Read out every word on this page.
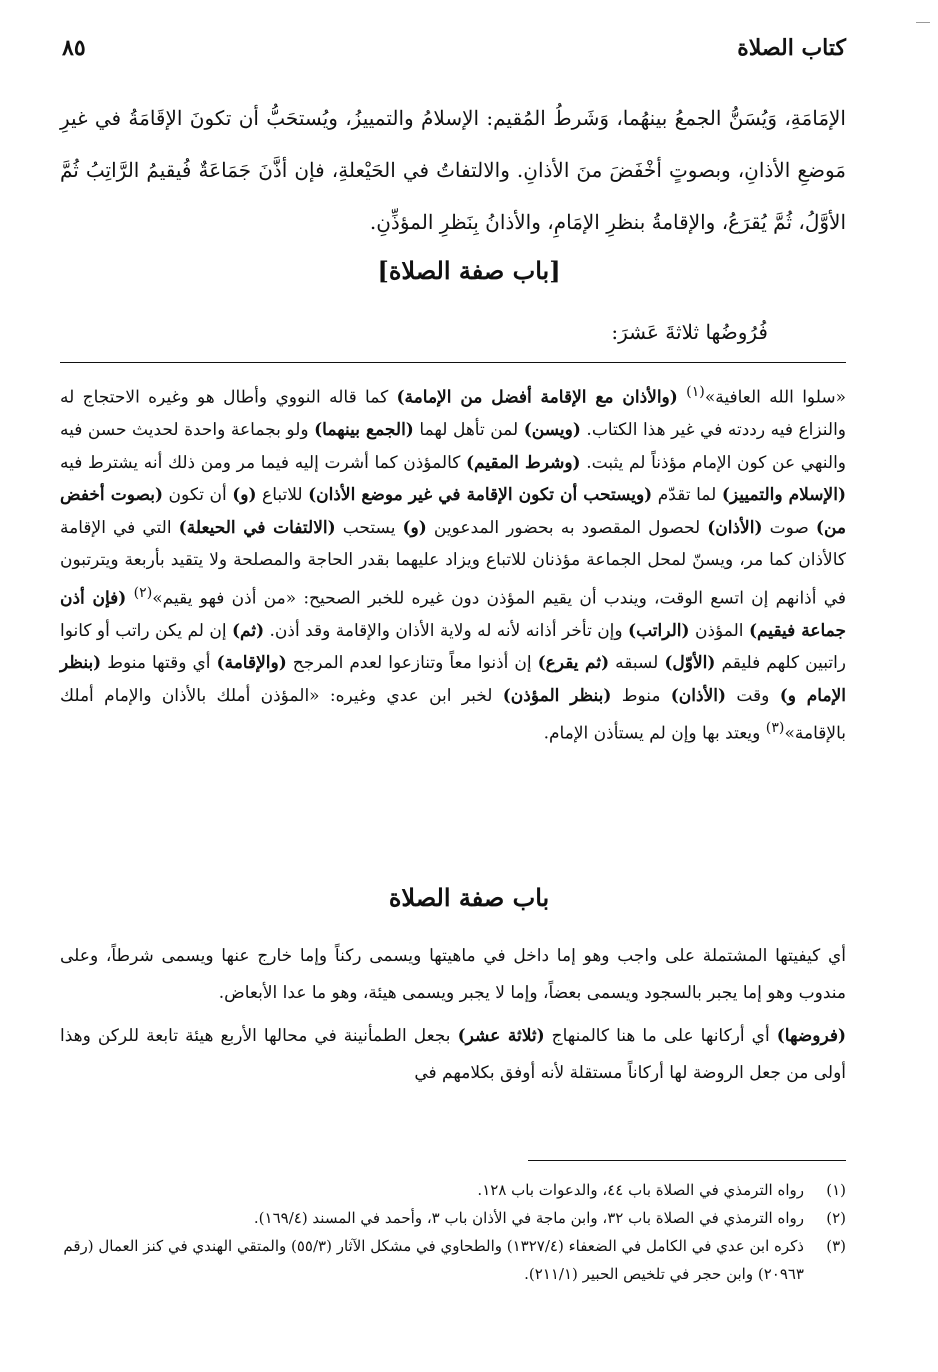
٨٥	كتاب الصلاة
الإمَامَةِ، وَيُسَنُّ الجمعُ بينهُما، وَشَرطُ المُقيم: الإسلامُ والتمييزُ، ويُستحَبُّ أن تكونَ الإقَامَةُ في غيرِ مَوضعِ الأذانِ، وبصوتٍ أخْفَضَ منَ الأذانِ. والالتفاتُ في الحَيْعلةِ، فإن أذَّنَ جَمَاعَةٌ فُيقيمُ الرَّاتِبُ ثُمَّ الأوَّلُ، ثُمَّ يُقرَعُ، والإقامةُ بنظرِ الإمَامِ، والأذانُ بِنَظرِ المؤذِّنِ.
[باب صفة الصلاة]
فُرُوضُها ثلاثةَ عَشرَ:
«سلوا الله العافية»$^{(١)}$ (والأذان مع الإقامة أفضل من الإمامة) كما قاله النووي وأطال هو وغيره الاحتجاج له والنزاع فيه رددته في غير هذا الكتاب. (ويسن) لمن تأهل لهما (الجمع بينهما) ولو بجماعة واحدة لحديث حسن فيه والنهي عن كون الإمام مؤذناً لم يثبت. (وشرط المقيم) كالمؤذن كما أشرت إليه فيما مر ومن ذلك أنه يشترط فيه (الإسلام والتمييز) لما تقدّم (ويستحب أن تكون الإقامة في غير موضع الأذان) للاتباع (و) أن تكون (بصوت أخفض من) صوت (الأذان) لحصول المقصود به بحضور المدعوين (و) يستحب (الالتفات في الحيعلة) التي في الإقامة كالأذان كما مر، ويسنّ لمحل الجماعة مؤذنان للاتباع ويزاد عليهما بقدر الحاجة والمصلحة ولا يتقيد بأربعة ويترتبون في أذانهم إن اتسع الوقت، ويندب أن يقيم المؤذن دون غيره للخبر الصحيح: «من أذن فهو يقيم»$^{(٢)}$ (فإن أذن جماعة فيقيم) المؤذن (الراتب) وإن تأخر أذانه لأنه له ولاية الأذان والإقامة وقد أذن. (ثم) إن لم يكن راتب أو كانوا راتبين كلهم فليقم (الأوّل) لسبقه (ثم يقرع) إن أذنوا معاً وتنازعوا لعدم المرجح (والإقامة) أي وقتها منوط (بنظر الإمام و) وقت (الأذان) منوط (بنظر المؤذن) لخبر ابن عدي وغيره: «المؤذن أملك بالأذان والإمام أملك بالإقامة»$^{(٣)}$ ويعتد بها وإن لم يستأذن الإمام.
باب صفة الصلاة
أي كيفيتها المشتملة على واجب وهو إما داخل في ماهيتها ويسمى ركناً وإما خارج عنها ويسمى شرطاً، وعلى مندوب وهو إما يجبر بالسجود ويسمى بعضاً، وإما لا يجبر ويسمى هيئة، وهو ما عدا الأبعاض.
(فروضها) أي أركانها على ما هنا كالمنهاج (ثلاثة عشر) بجعل الطمأنينة في محالها الأربع هيئة تابعة للركن وهذا أولى من جعل الروضة لها أركاناً مستقلة لأنه أوفق بكلامهم في
(١)
رواه الترمذي في الصلاة باب ٤٤، والدعوات باب ١٢٨.
(٢)
رواه الترمذي في الصلاة باب ٣٢، وابن ماجة في الأذان باب ٣، وأحمد في المسند (١٦٩/٤).
(٣)
ذكره ابن عدي في الكامل في الضعفاء (١٣٢٧/٤) والطحاوي في مشكل الآثار (٥٥/٣) والمتقي الهندي في كنز العمال (رقم ٢٠٩٦٣) وابن حجر في تلخيص الحبير (٢١١/١).
